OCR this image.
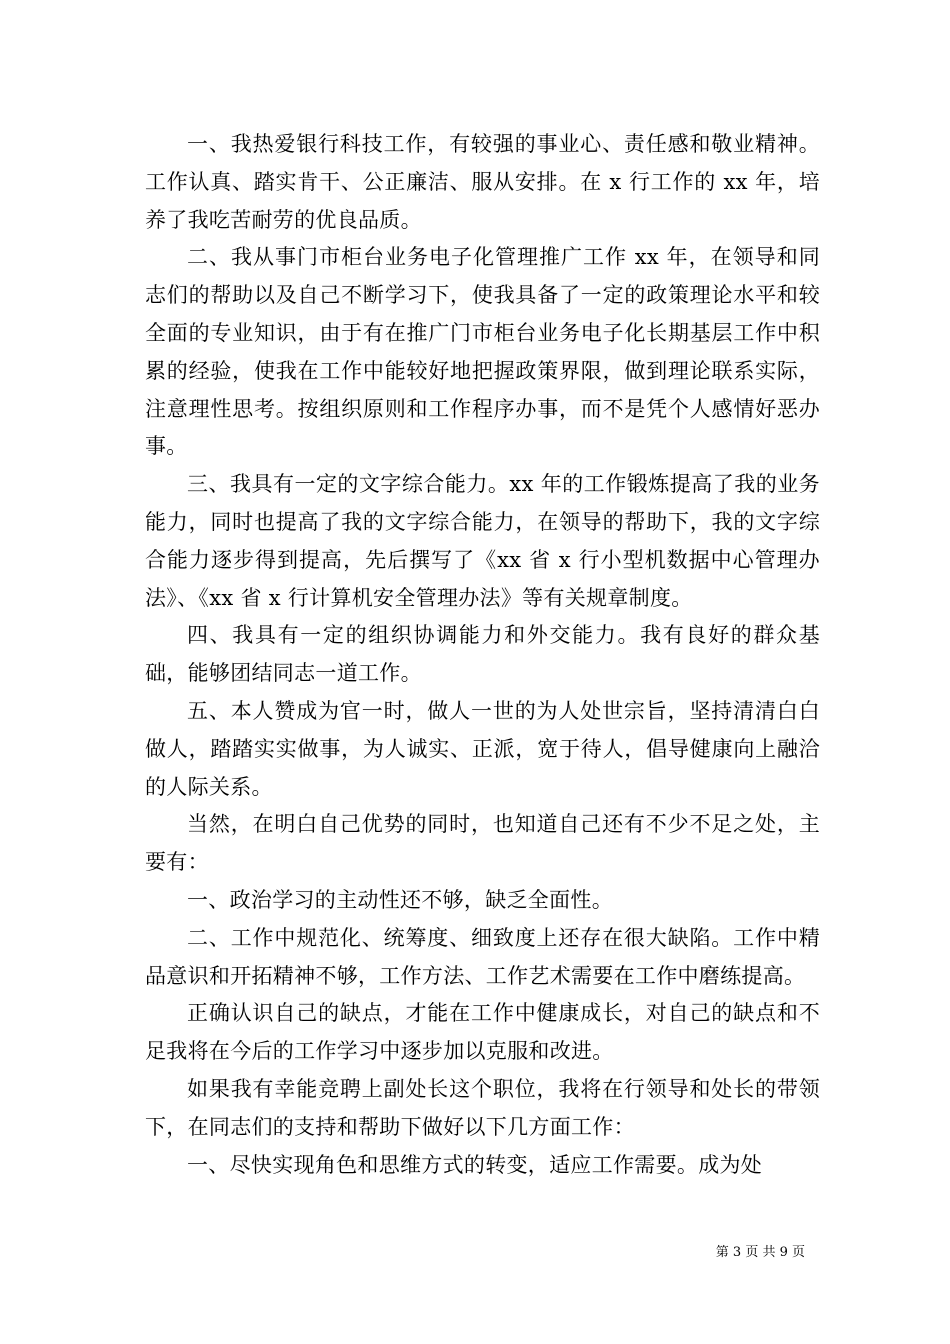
一、我热爱银行科技工作，有较强的事业心、责任感和敬业精神。工作认真、踏实肯干、公正廉洁、服从安排。在 x 行工作的 xx 年，培养了我吃苦耐劳的优良品质。

二、我从事门市柜台业务电子化管理推广工作 xx 年，在领导和同志们的帮助以及自己不断学习下，使我具备了一定的政策理论水平和较全面的专业知识，由于有在推广门市柜台业务电子化长期基层工作中积累的经验，使我在工作中能较好地把握政策界限，做到理论联系实际，注意理性思考。按组织原则和工作程序办事，而不是凭个人感情好恶办事。

三、我具有一定的文字综合能力。xx 年的工作锻炼提高了我的业务能力，同时也提高了我的文字综合能力，在领导的帮助下，我的文字综合能力逐步得到提高，先后撰写了《xx 省 x 行小型机数据中心管理办法》、《xx 省 x 行计算机安全管理办法》等有关规章制度。

四、我具有一定的组织协调能力和外交能力。我有良好的群众基础，能够团结同志一道工作。

五、本人赞成为官一时，做人一世的为人处世宗旨，坚持清清白白做人，踏踏实实做事，为人诚实、正派，宽于待人，倡导健康向上融洽的人际关系。

当然，在明白自己优势的同时，也知道自己还有不少不足之处，主要有：

一、政治学习的主动性还不够，缺乏全面性。

二、工作中规范化、统筹度、细致度上还存在很大缺陷。工作中精品意识和开拓精神不够，工作方法、工作艺术需要在工作中磨练提高。

正确认识自己的缺点，才能在工作中健康成长，对自己的缺点和不足我将在今后的工作学习中逐步加以克服和改进。

如果我有幸能竞聘上副处长这个职位，我将在行领导和处长的带领下，在同志们的支持和帮助下做好以下几方面工作：

一、尽快实现角色和思维方式的转变，适应工作需要。成为处

第 3 页 共 9 页
